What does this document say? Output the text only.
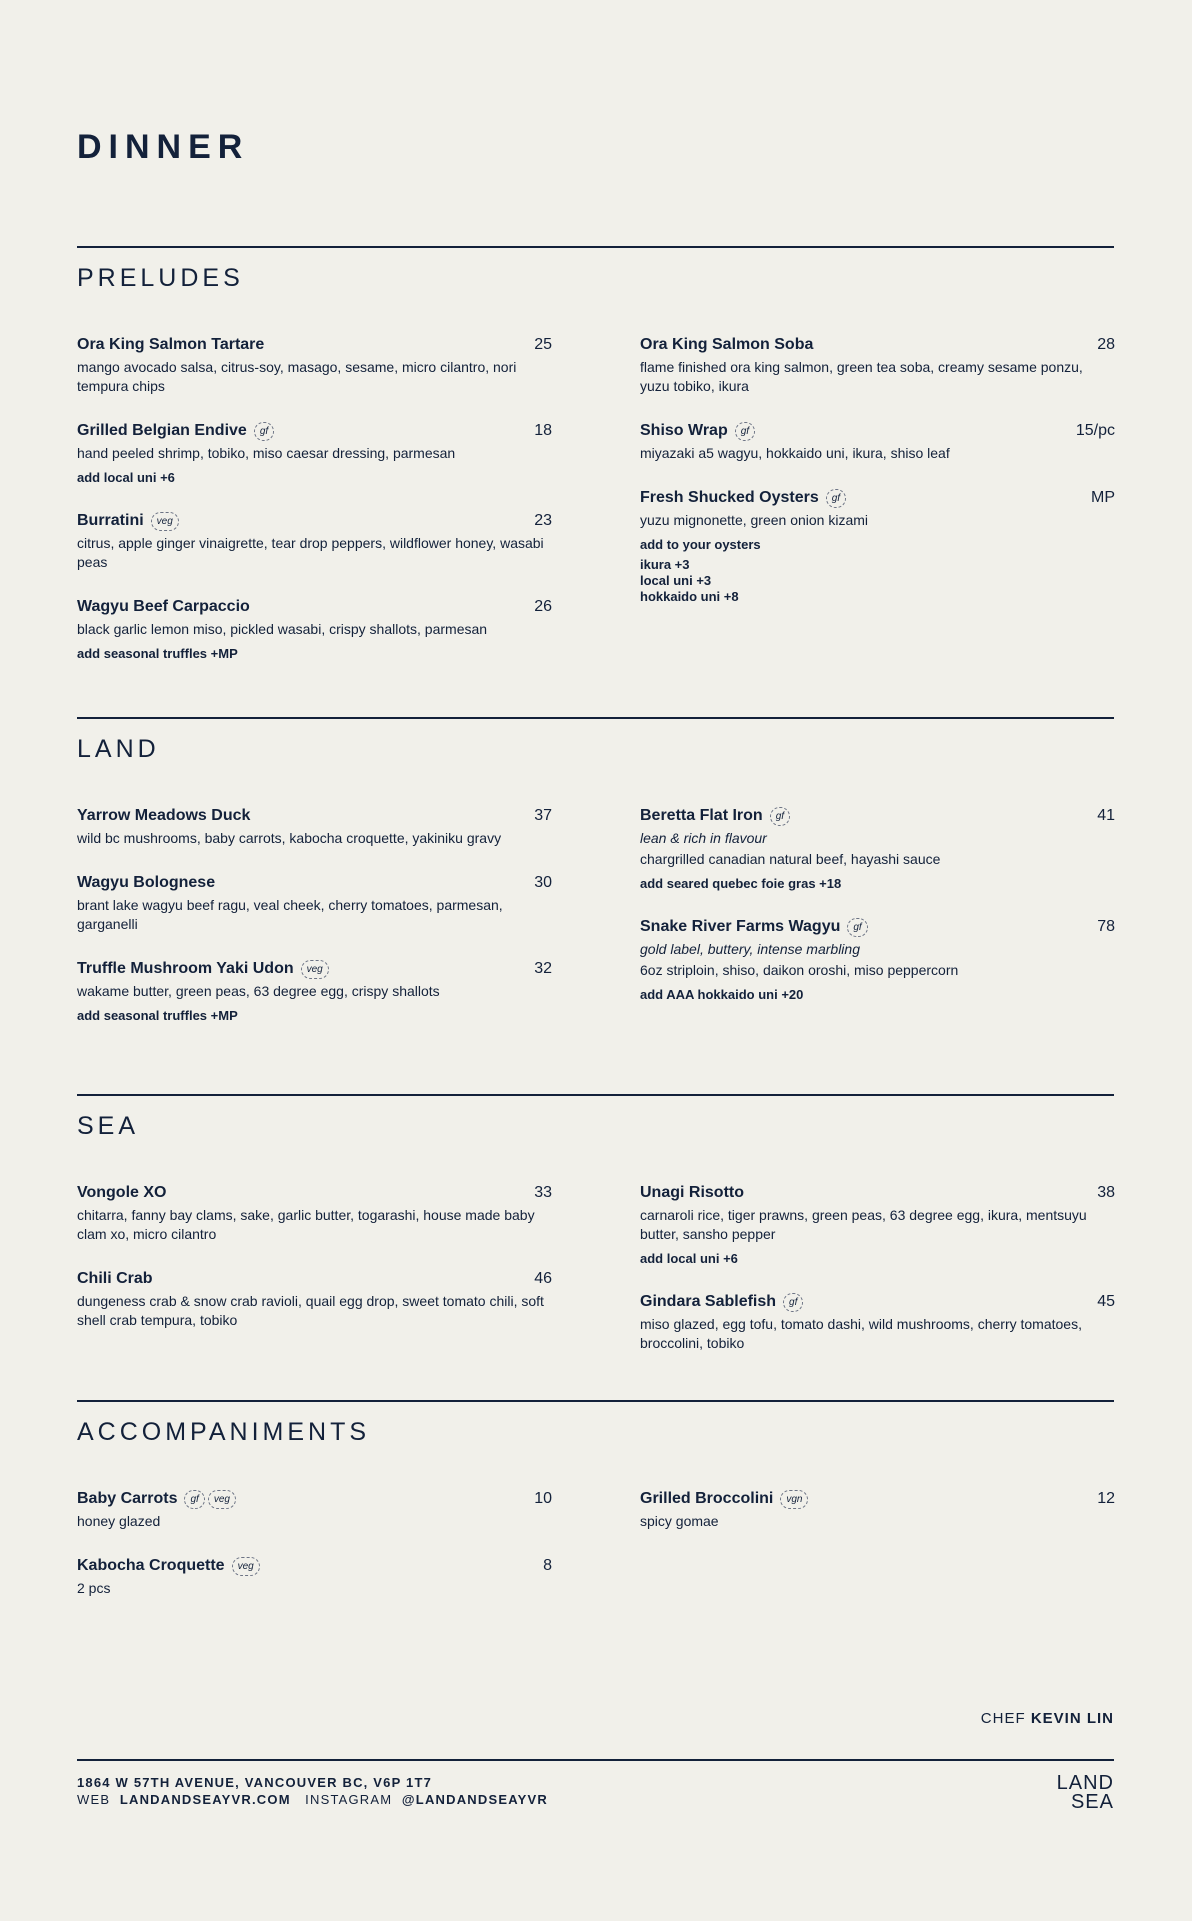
DINNER
PRELUDES
Ora King Salmon Tartare	25
mango avocado salsa, citrus-soy, masago, sesame, micro cilantro, nori tempura chips
Grilled Belgian Endive	gf	18
hand peeled shrimp, tobiko, miso caesar dressing, parmesan
add local uni +6
Burratini	veg	23
citrus, apple ginger vinaigrette, tear drop peppers, wildflower honey, wasabi peas
Wagyu Beef Carpaccio	26
black garlic lemon miso, pickled wasabi, crispy shallots, parmesan
add seasonal truffles +MP
Ora King Salmon Soba	28
flame finished ora king salmon, green tea soba, creamy sesame ponzu, yuzu tobiko, ikura
Shiso Wrap	gf	15/pc
miyazaki a5 wagyu, hokkaido uni, ikura, shiso leaf
Fresh Shucked Oysters	gf	MP
yuzu mignonette, green onion kizami
add to your oysters
ikura +3
local uni +3
hokkaido uni +8
LAND
Yarrow Meadows Duck	37
wild bc mushrooms, baby carrots, kabocha croquette, yakiniku gravy
Wagyu Bolognese	30
brant lake wagyu beef ragu, veal cheek, cherry tomatoes, parmesan, garganelli
Truffle Mushroom Yaki Udon	veg	32
wakame butter, green peas, 63 degree egg, crispy shallots
add seasonal truffles +MP
Beretta Flat Iron	gf	41
lean & rich in flavour
chargrilled canadian natural beef, hayashi sauce
add seared quebec foie gras +18
Snake River Farms Wagyu	gf	78
gold label, buttery, intense marbling
6oz striploin, shiso, daikon oroshi, miso peppercorn
add AAA hokkaido uni +20
SEA
Vongole XO	33
chitarra, fanny bay clams, sake, garlic butter, togarashi, house made baby clam xo, micro cilantro
Chili Crab	46
dungeness crab & snow crab ravioli, quail egg drop, sweet tomato chili, soft shell crab tempura, tobiko
Unagi Risotto	38
carnaroli rice, tiger prawns, green peas, 63 degree egg, ikura, mentsuyu butter, sansho pepper
add local uni +6
Gindara Sablefish	gf	45
miso glazed, egg tofu, tomato dashi, wild mushrooms, cherry tomatoes, broccolini, tobiko
ACCOMPANIMENTS
Baby Carrots	gf	veg	10
honey glazed
Kabocha Croquette	veg	8
2 pcs
Grilled Broccolini	vgn	12
spicy gomae
CHEF KEVIN LIN
1864 W 57TH AVENUE, VANCOUVER BC, V6P 1T7
WEB LANDANDSEAYVR.COM INSTAGRAM @LANDANDSEAYVR
LAND
SEA
